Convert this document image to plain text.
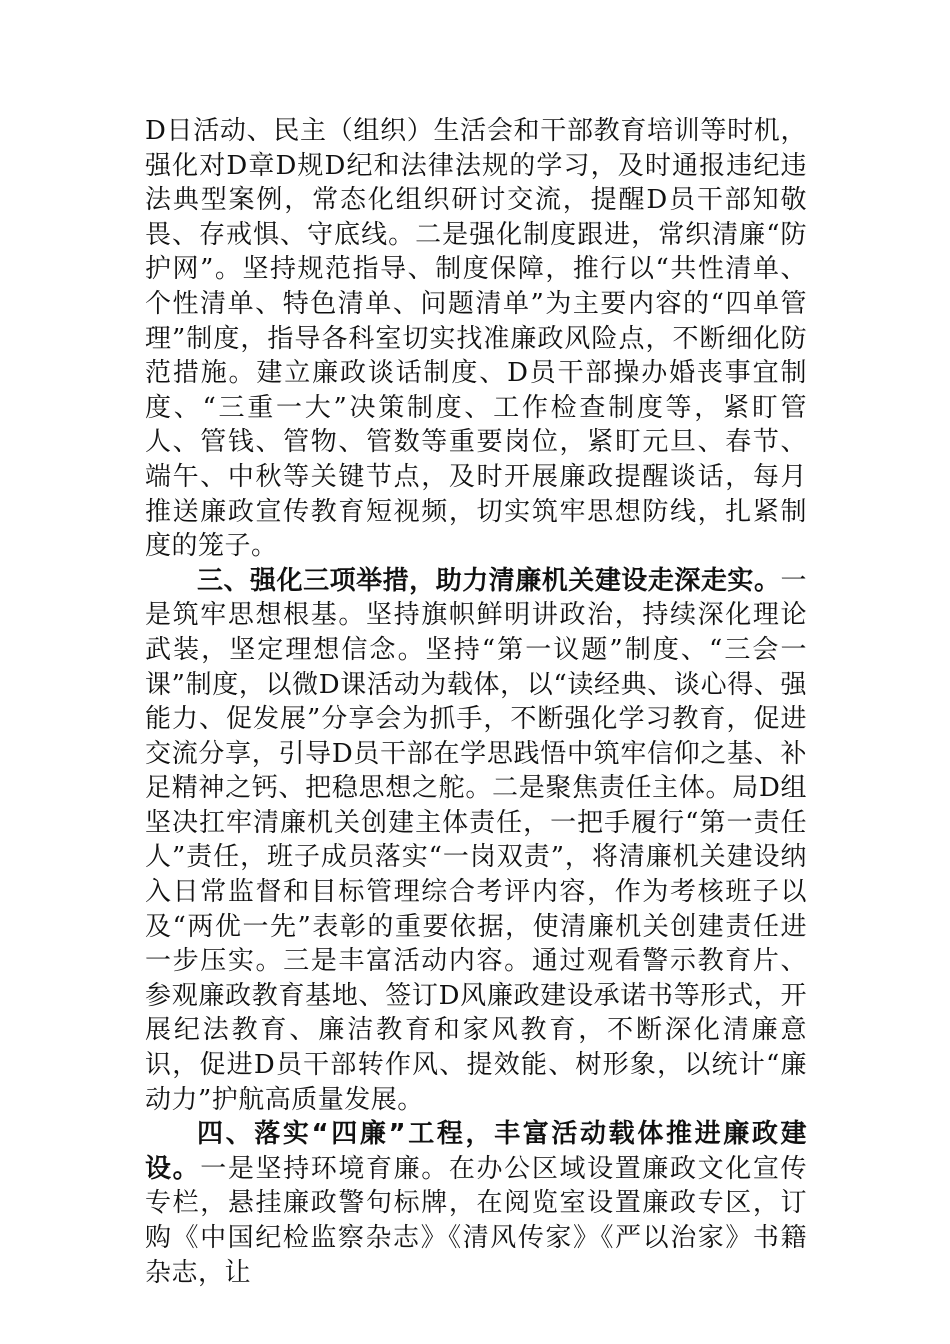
D日活动、民主（组织）生活会和干部教育培训等时机，强化对D章D规D纪和法律法规的学习，及时通报违纪违法典型案例，常态化组织研讨交流，提醒D员干部知敬畏、存戒惧、守底线。二是强化制度跟进，常织清廉“防护网”。坚持规范指导、制度保障，推行以“共性清单、个性清单、特色清单、问题清单”为主要内容的“四单管理”制度，指导各科室切实找准廉政风险点，不断细化防范措施。建立廉政谈话制度、D员干部操办婚丧事宜制度、“三重一大”决策制度、工作检查制度等，紧盯管人、管钱、管物、管数等重要岗位，紧盯元旦、春节、端午、中秋等关键节点，及时开展廉政提醒谈话，每月推送廉政宣传教育短视频，切实筑牢思想防线，扎紧制度的笼子。

三、强化三项举措，助力清廉机关建设走深走实。一是筑牢思想根基。坚持旗帜鲜明讲政治，持续深化理论武装，坚定理想信念。坚持“第一议题”制度、“三会一课”制度，以微D课活动为载体，以“读经典、谈心得、强能力、促发展”分享会为抓手，不断强化学习教育，促进交流分享，引导D员干部在学思践悟中筑牢信仰之基、补足精神之钙、把稳思想之舵。二是聚焦责任主体。局D组坚决扛牢清廉机关创建主体责任，一把手履行“第一责任人”责任，班子成员落实“一岗双责”，将清廉机关建设纳入日常监督和目标管理综合考评内容，作为考核班子以及“两优一先”表彰的重要依据，使清廉机关创建责任进一步压实。三是丰富活动内容。通过观看警示教育片、参观廉政教育基地、签订D风廉政建设承诺书等形式，开展纪法教育、廉洁教育和家风教育，不断深化清廉意识，促进D员干部转作风、提效能、树形象，以统计“廉动力”护航高质量发展。

四、落实“四廉”工程，丰富活动载体推进廉政建设。一是坚持环境育廉。在办公区域设置廉政文化宣传专栏，悬挂廉政警句标牌，在阅览室设置廉政专区，订购《中国纪检监察杂志》《清风传家》《严以治家》书籍杂志，让
